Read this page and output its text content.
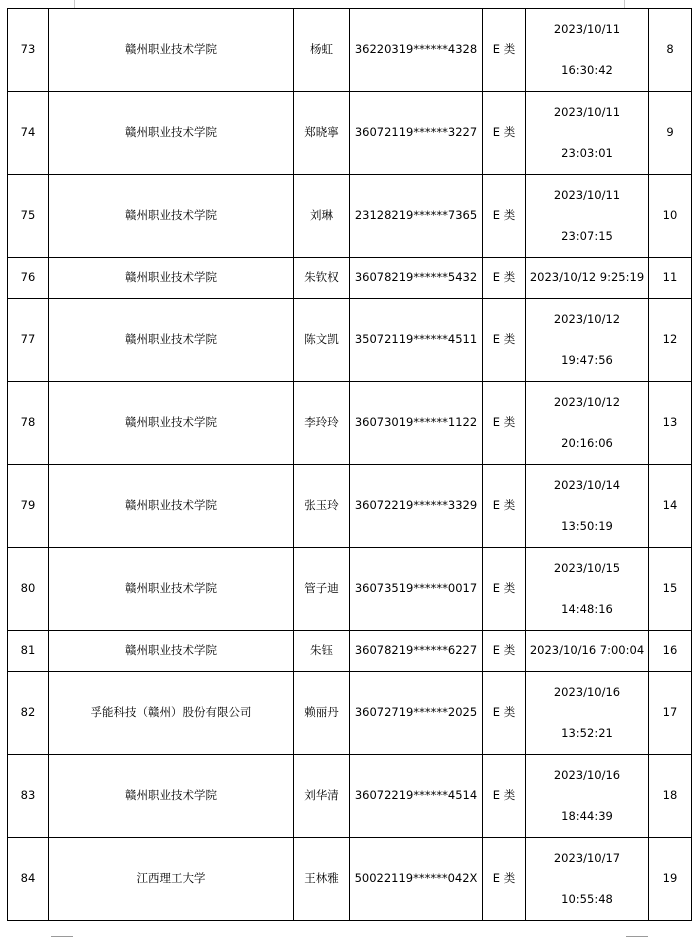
73	赣州职业技术学院	杨虹	36220319******4328	E 类	2023/10/11
16:30:42	8
74	赣州职业技术学院	郑晓寧	36072119******3227	E 类	2023/10/11
23:03:01	9
75	赣州职业技术学院	刘琳	23128219******7365	E 类	2023/10/11
23:07:15	10
76	赣州职业技术学院	朱钦权	36078219******5432	E 类	2023/10/12 9:25:19	11
77	赣州职业技术学院	陈文凯	35072119******4511	E 类	2023/10/12
19:47:56	12
78	赣州职业技术学院	李玲玲	36073019******1122	E 类	2023/10/12
20:16:06	13
79	赣州职业技术学院	张玉玲	36072219******3329	E 类	2023/10/14
13:50:19	14
80	赣州职业技术学院	管子迪	36073519******0017	E 类	2023/10/15
14:48:16	15
81	赣州职业技术学院	朱钰	36078219******6227	E 类	2023/10/16 7:00:04	16
82	孚能科技（赣州）股份有限公司	赖丽丹	36072719******2025	E 类	2023/10/16
13:52:21	17
83	赣州职业技术学院	刘华清	36072219******4514	E 类	2023/10/16
18:44:39	18
84	江西理工大学	王林雅	50022119******042X	E 类	2023/10/17
10:55:48	19
